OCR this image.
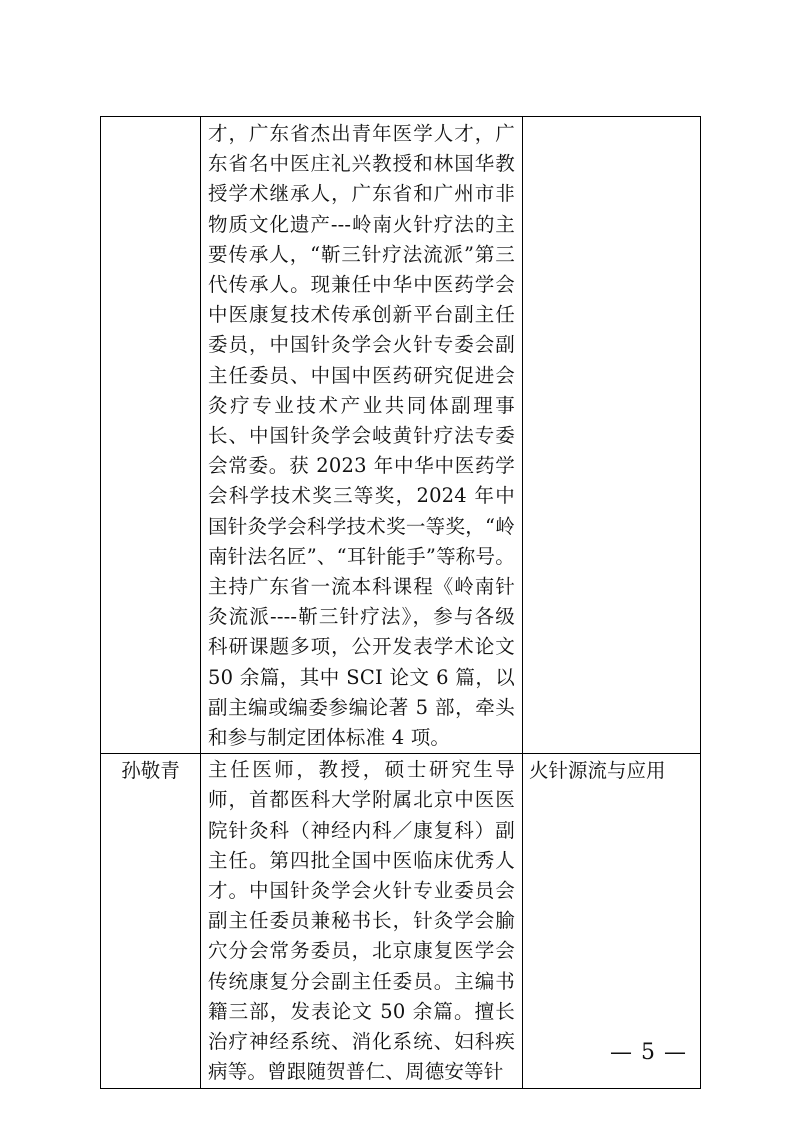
	才，广东省杰出青年医学人才，广东省名中医庄礼兴教授和林国华教授学术继承人，广东省和广州市非物质文化遗产---岭南火针疗法的主要传承人，“靳三针疗法流派”第三代传承人。现兼任中华中医药学会中医康复技术传承创新平台副主任委员，中国针灸学会火针专委会副主任委员、中国中医药研究促进会灸疗专业技术产业共同体副理事长、中国针灸学会岐黄针疗法专委会常委。获 2023 年中华中医药学会科学技术奖三等奖，2024 年中国针灸学会科学技术奖一等奖，“岭南针法名匠”、“耳针能手”等称号。主持广东省一流本科课程《岭南针灸流派----靳三针疗法》，参与各级科研课题多项，公开发表学术论文 50 余篇，其中 SCI 论文 6 篇，以副主编或编委参编论著 5 部，牵头和参与制定团体标准 4 项。	

孙敬青	主任医师，教授，硕士研究生导师，首都医科大学附属北京中医医院针灸科（神经内科／康复科）副主任。第四批全国中医临床优秀人才。中国针灸学会火针专业委员会副主任委员兼秘书长，针灸学会腧穴分会常务委员，北京康复医学会传统康复分会副主任委员。主编书籍三部，发表论文 50 余篇。擅长治疗神经系统、消化系统、妇科疾病等。曾跟随贺普仁、周德安等针	火针源流与应用
— 5 —
